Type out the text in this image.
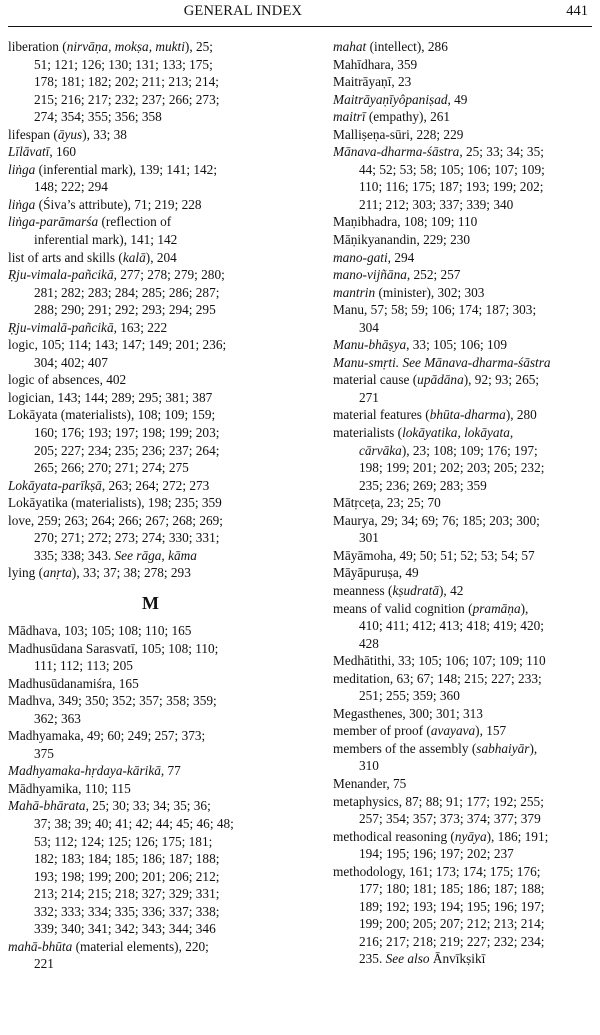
GENERAL INDEX	441

liberation (nirvāṇa, mokṣa, mukti), 25;
51; 121; 126; 130; 131; 133; 175;
178; 181; 182; 202; 211; 213; 214;
215; 216; 217; 232; 237; 266; 273;
274; 354; 355; 356; 358

lifespan (āyus), 33; 38

Līlāvatī, 160

liṅga (inferential mark), 139; 141; 142;
148; 222; 294

liṅga (Śiva’s attribute), 71; 219; 228

liṅga-parāmarśa (reflection of
inferential mark), 141; 142

list of arts and skills (kalā), 204

Ṛju-vimala-pañcikā, 277; 278; 279; 280;
281; 282; 283; 284; 285; 286; 287;
288; 290; 291; 292; 293; 294; 295

Ṛju-vimalā-pañcikā, 163; 222

logic, 105; 114; 143; 147; 149; 201; 236;
304; 402; 407

logic of absences, 402

logician, 143; 144; 289; 295; 381; 387

Lokāyata (materialists), 108; 109; 159;
160; 176; 193; 197; 198; 199; 203;
205; 227; 234; 235; 236; 237; 264;
265; 266; 270; 271; 274; 275

Lokāyata-parīkṣā, 263; 264; 272; 273

Lokāyatika (materialists), 198; 235; 359

love, 259; 263; 264; 266; 267; 268; 269;
270; 271; 272; 273; 274; 330; 331;
335; 338; 343. See rāga, kāma

lying (anṛta), 33; 37; 38; 278; 293

M

Mādhava, 103; 105; 108; 110; 165

Madhusūdana Sarasvatī, 105; 108; 110;
111; 112; 113; 205

Madhusūdanamiśra, 165

Madhva, 349; 350; 352; 357; 358; 359;
362; 363

Madhyamaka, 49; 60; 249; 257; 373;
375

Madhyamaka-hṛdaya-kārikā, 77

Mādhyamika, 110; 115

Mahā-bhārata, 25; 30; 33; 34; 35; 36;
37; 38; 39; 40; 41; 42; 44; 45; 46; 48;
53; 112; 124; 125; 126; 175; 181;
182; 183; 184; 185; 186; 187; 188;
193; 198; 199; 200; 201; 206; 212;
213; 214; 215; 218; 327; 329; 331;
332; 333; 334; 335; 336; 337; 338;
339; 340; 341; 342; 343; 344; 346

mahā-bhūta (material elements), 220;
221

mahat (intellect), 286

Mahīdhara, 359

Maitrāyaṇī, 23

Maitrāyaṇīyôpaniṣad, 49

maitrī (empathy), 261

Malliṣeṇa-sūri, 228; 229

Mānava-dharma-śāstra, 25; 33; 34; 35;
44; 52; 53; 58; 105; 106; 107; 109;
110; 116; 175; 187; 193; 199; 202;
211; 212; 303; 337; 339; 340

Maṇibhadra, 108; 109; 110

Māṇikyanandin, 229; 230

mano-gati, 294

mano-vijñāna, 252; 257

mantrin (minister), 302; 303

Manu, 57; 58; 59; 106; 174; 187; 303;
304

Manu-bhāṣya, 33; 105; 106; 109

Manu-smṛti. See Mānava-dharma-śāstra

material cause (upādāna), 92; 93; 265;
271

material features (bhūta-dharma), 280

materialists (lokāyatika, lokāyata,
cārvāka), 23; 108; 109; 176; 197;
198; 199; 201; 202; 203; 205; 232;
235; 236; 269; 283; 359

Mātṛceṭa, 23; 25; 70

Maurya, 29; 34; 69; 76; 185; 203; 300;
301

Māyāmoha, 49; 50; 51; 52; 53; 54; 57

Māyāpuruṣa, 49

meanness (kṣudratā), 42

means of valid cognition (pramāṇa),
410; 411; 412; 413; 418; 419; 420;
428

Medhātithi, 33; 105; 106; 107; 109; 110

meditation, 63; 67; 148; 215; 227; 233;
251; 255; 359; 360

Megasthenes, 300; 301; 313

member of proof (avayava), 157

members of the assembly (sabhaiyār),
310

Menander, 75

metaphysics, 87; 88; 91; 177; 192; 255;
257; 354; 357; 373; 374; 377; 379

methodical reasoning (nyāya), 186; 191;
194; 195; 196; 197; 202; 237

methodology, 161; 173; 174; 175; 176;
177; 180; 181; 185; 186; 187; 188;
189; 192; 193; 194; 195; 196; 197;
199; 200; 205; 207; 212; 213; 214;
216; 217; 218; 219; 227; 232; 234;
235. See also Ānvīkṣikī
